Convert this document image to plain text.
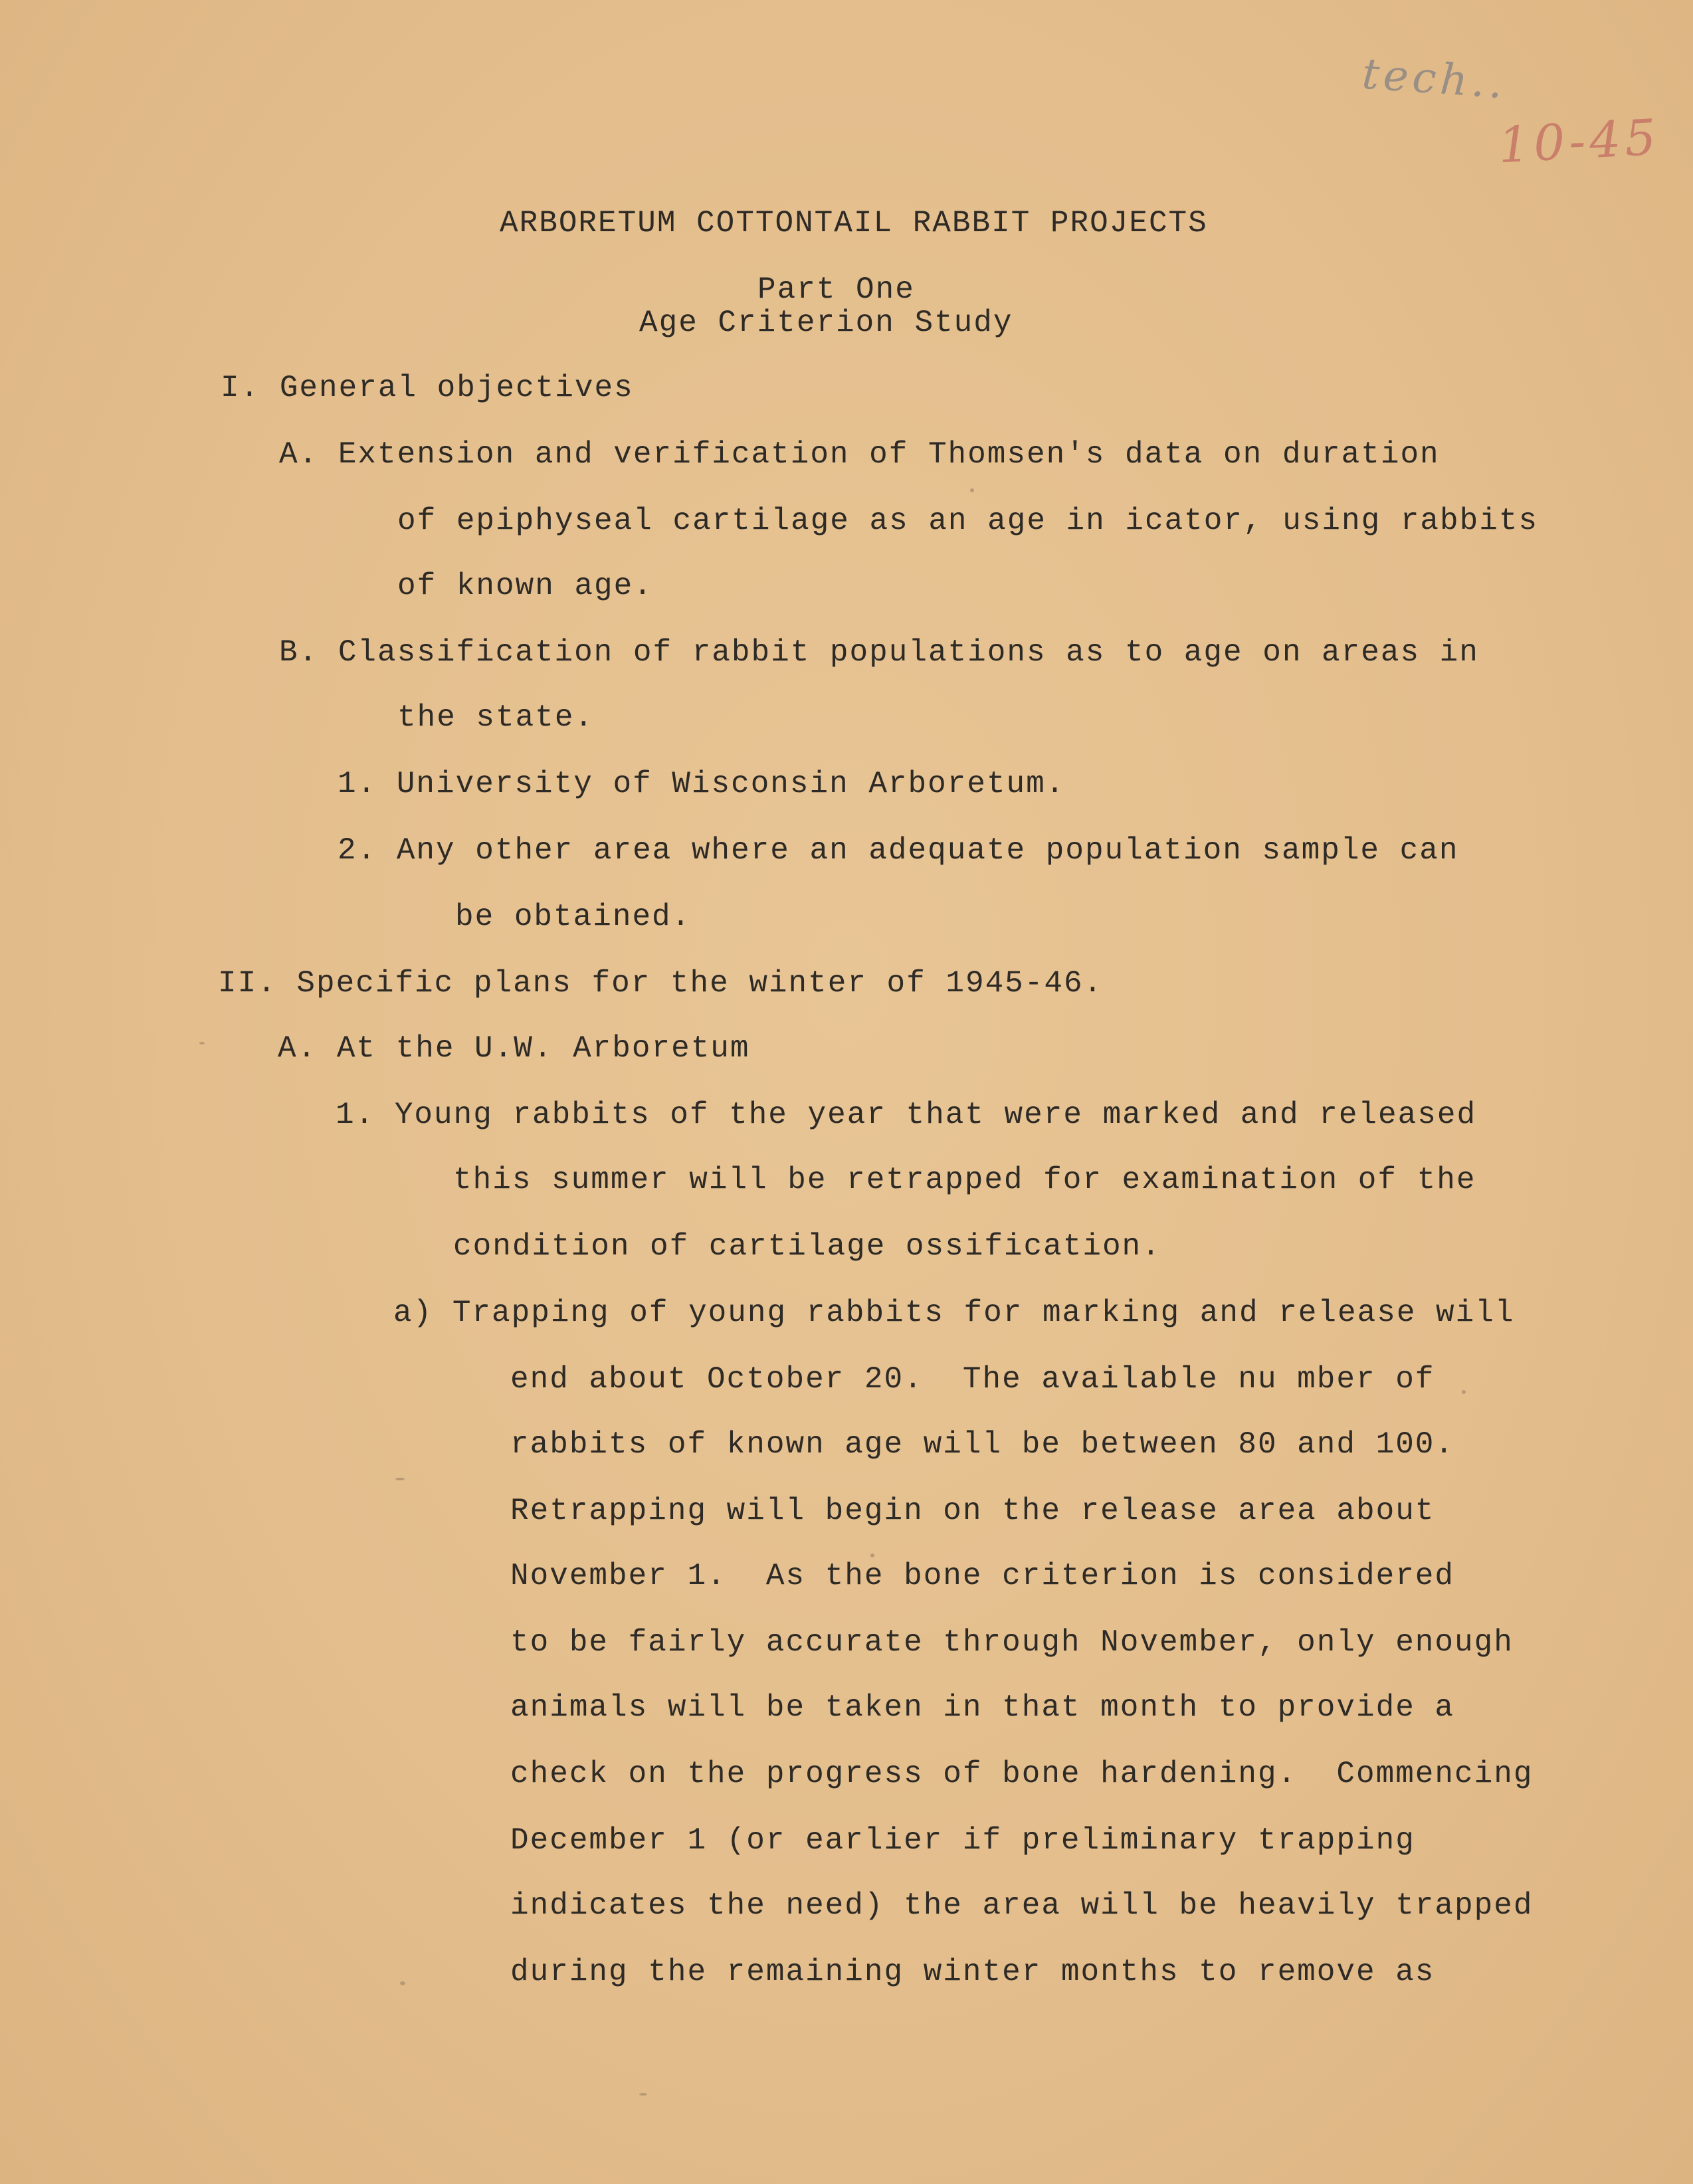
tech..
10-45
ARBORETUM COTTONTAIL RABBIT PROJECTS
Part One
Age Criterion Study
I. General objectives
A. Extension and verification of Thomsen's data on duration
of epiphyseal cartilage as an age in icator, using rabbits
of known age.
B. Classification of rabbit populations as to age on areas in
the state.
1. University of Wisconsin Arboretum.
2. Any other area where an adequate population sample can
be obtained.
II. Specific plans for the winter of 1945-46.
A. At the U.W. Arboretum
1. Young rabbits of the year that were marked and released
this summer will be retrapped for examination of the
condition of cartilage ossification.
a) Trapping of young rabbits for marking and release will
end about October 20.  The available nu mber of
rabbits of known age will be between 80 and 100.
Retrapping will begin on the release area about
November 1.  As the bone criterion is considered
to be fairly accurate through November, only enough
animals will be taken in that month to provide a
check on the progress of bone hardening.  Commencing
December 1 (or earlier if preliminary trapping
indicates the need) the area will be heavily trapped
during the remaining winter months to remove as
